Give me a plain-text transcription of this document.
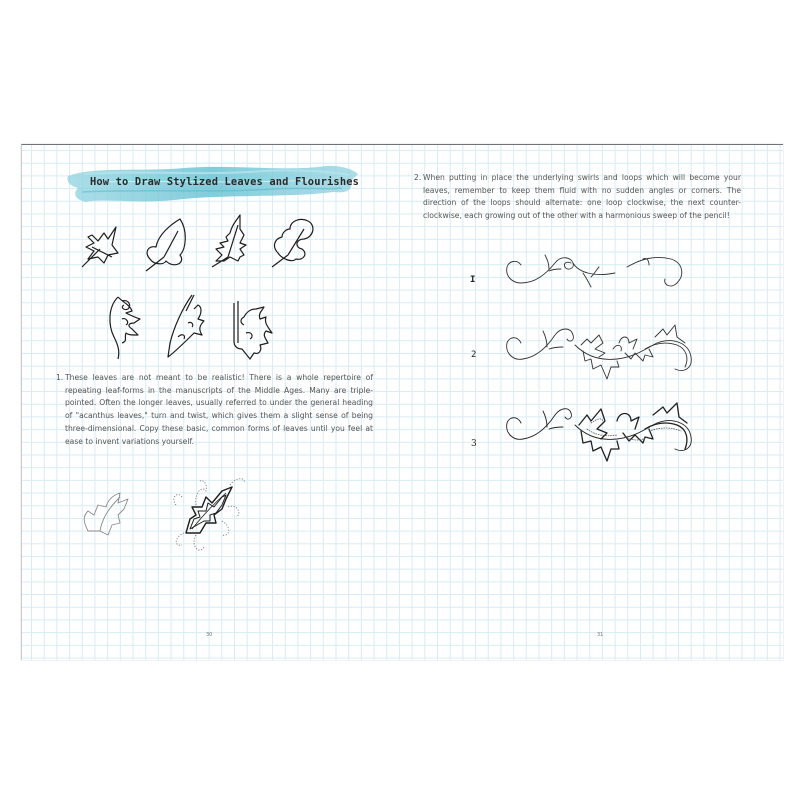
How to Draw Stylized Leaves and Flourishes
1. These leaves are not meant to be realistic! There is a whole repertoire of repeating leaf-forms in the manuscripts of the Middle Ages. Many are triple-pointed. Often the longer leaves, usually referred to under the general heading of "acanthus leaves," turn and twist, which gives them a slight sense of being three-dimensional. Copy these basic, common forms of leaves until you feel at ease to invent variations yourself.
30
2. When putting in place the underlying swirls and loops which will become your leaves, remember to keep them fluid with no sudden angles or corners. The direction of the loops should alternate: one loop clockwise, the next counter-clockwise, each growing out of the other with a harmonious sweep of the pencil!
I
2
3
31
